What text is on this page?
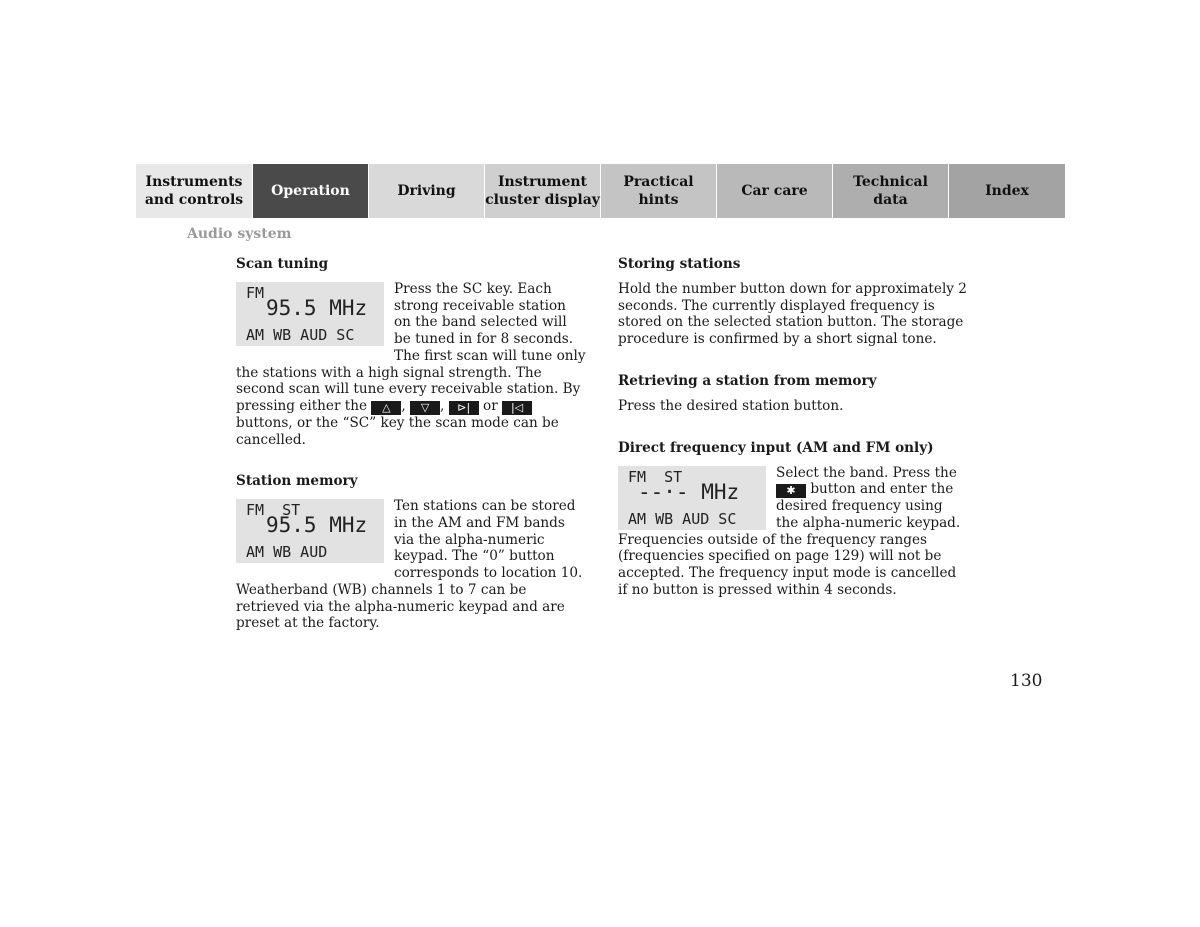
Instruments
and controls
Operation	Driving
Instrument
cluster display
Practical hints
Car care
Technical
data
Index
Audio system
Scan tuning
FM
95.5 MHz
AM WB AUD SC

Press the SC key. Each strong receivable station on the band selected will be tuned in for 8 seconds. The first scan will tune only the stations with a high signal strength. The second scan will tune every receivable station. By pressing either the △ , ▽ , ⊳| or |◁ buttons, or the “SC” key the scan mode can be cancelled.

Station memory
FM  ST
95.5 MHz
AM WB AUD

Ten stations can be stored in the AM and FM bands via the alpha-numeric keypad. The “0” button corresponds to location 10. Weatherband (WB) channels 1 to 7 can be retrieved via the alpha-numeric keypad and are preset at the factory.

Storing stations

Hold the number button down for approximately 2 seconds. The currently displayed frequency is stored on the selected station button. The storage procedure is confirmed by a short signal tone.

Retrieving a station from memory

Press the desired station button.

Direct frequency input (AM and FM only)
FM  ST
--·- MHz
AM WB AUD SC

Select the band. Press the ✱ button and enter the desired frequency using the alpha-numeric keypad. Frequencies outside of the frequency ranges (frequencies specified on page 129) will not be accepted. The frequency input mode is cancelled if no button is pressed within 4 seconds.

130
